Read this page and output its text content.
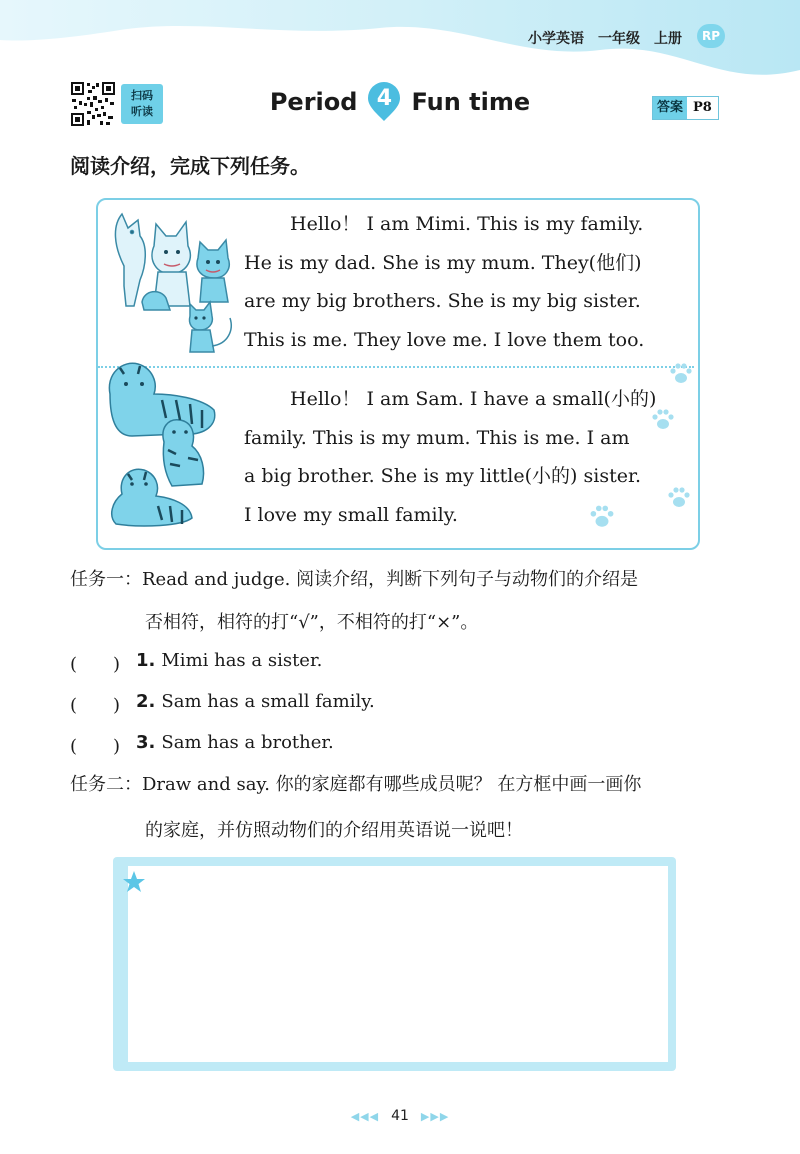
小学英语 一年级 上册	RP
扫码
听读	Period 4 Fun time	答案 P8
阅读介绍，完成下列任务。

Hello！ I am Mimi. This is my family.

He is my dad. She is my mum. They(他们)

are my big brothers. She is my big sister.

This is me. They love me. I love them too.

Hello！ I am Sam. I have a small(小的)

family. This is my mum. This is me. I am

a big brother. She is my little(小的) sister.

I love my small family.

任务一：Read and judge. 阅读介绍，判断下列句子与动物们的介绍是
否相符，相符的打“√”，不相符的打“×”。
(　　) 1. Mimi has a sister.
(　　) 2. Sam has a small family.
(　　) 3. Sam has a brother.
任务二：Draw and say. 你的家庭都有哪些成员呢？ 在方框中画一画你
的家庭，并仿照动物们的介绍用英语说一说吧！
◀◀◀ 41 ▶▶▶
